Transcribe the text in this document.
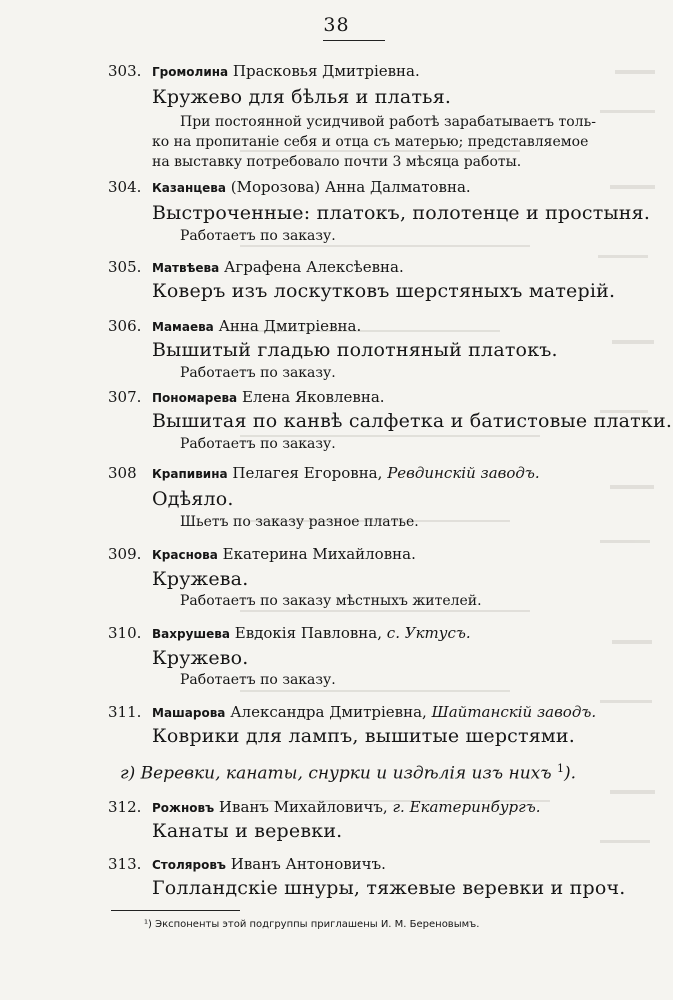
38
303. Громолина Прасковья Дмитріевна.
Кружево для бѣлья и платья.
При постоянной усидчивой работѣ зарабатываетъ толь-
ко на пропитаніе себя и отца съ матерью; представляемое
на выставку потребовало почти 3 мѣсяца работы.
304. Казанцева (Морозова) Анна Далматовна.
Выстроченные: платокъ, полотенце и простыня.
Работаетъ по заказу.
305. Матвѣева Аграфена Алексѣевна.
Коверъ изъ лоскутковъ шерстяныхъ матерій.
306. Мамаева Анна Дмитріевна.
Вышитый гладью полотняный платокъ.
Работаетъ по заказу.
307. Пономарева Елена Яковлевна.
Вышитая по канвѣ салфетка и батистовые платки.
Работаетъ по заказу.
308 Крапивина Пелагея Егоровна, Ревдинскій заводъ.
Одѣяло.
Шьетъ по заказу разное платье.
309. Краснова Екатерина Михайловна.
Кружева.
Работаетъ по заказу мѣстныхъ жителей.
310. Вахрушева Евдокія Павловна, с. Уктусъ.
Кружево.
Работаетъ по заказу.
311. Машарова Александра Дмитріевна, Шайтанскій заводъ.
Коврики для лампъ, вышитые шерстями.
г) Веревки, канаты, снурки и издѣлія изъ нихъ $^1$).
312. Рожновъ Иванъ Михайловичъ, г. Екатеринбургъ.
Канаты и веревки.
313. Столяровъ Иванъ Антоновичъ.
Голландскіе шнуры, тяжевые веревки и проч.
¹) Экспоненты этой подгруппы приглашены И. М. Береновымъ.
